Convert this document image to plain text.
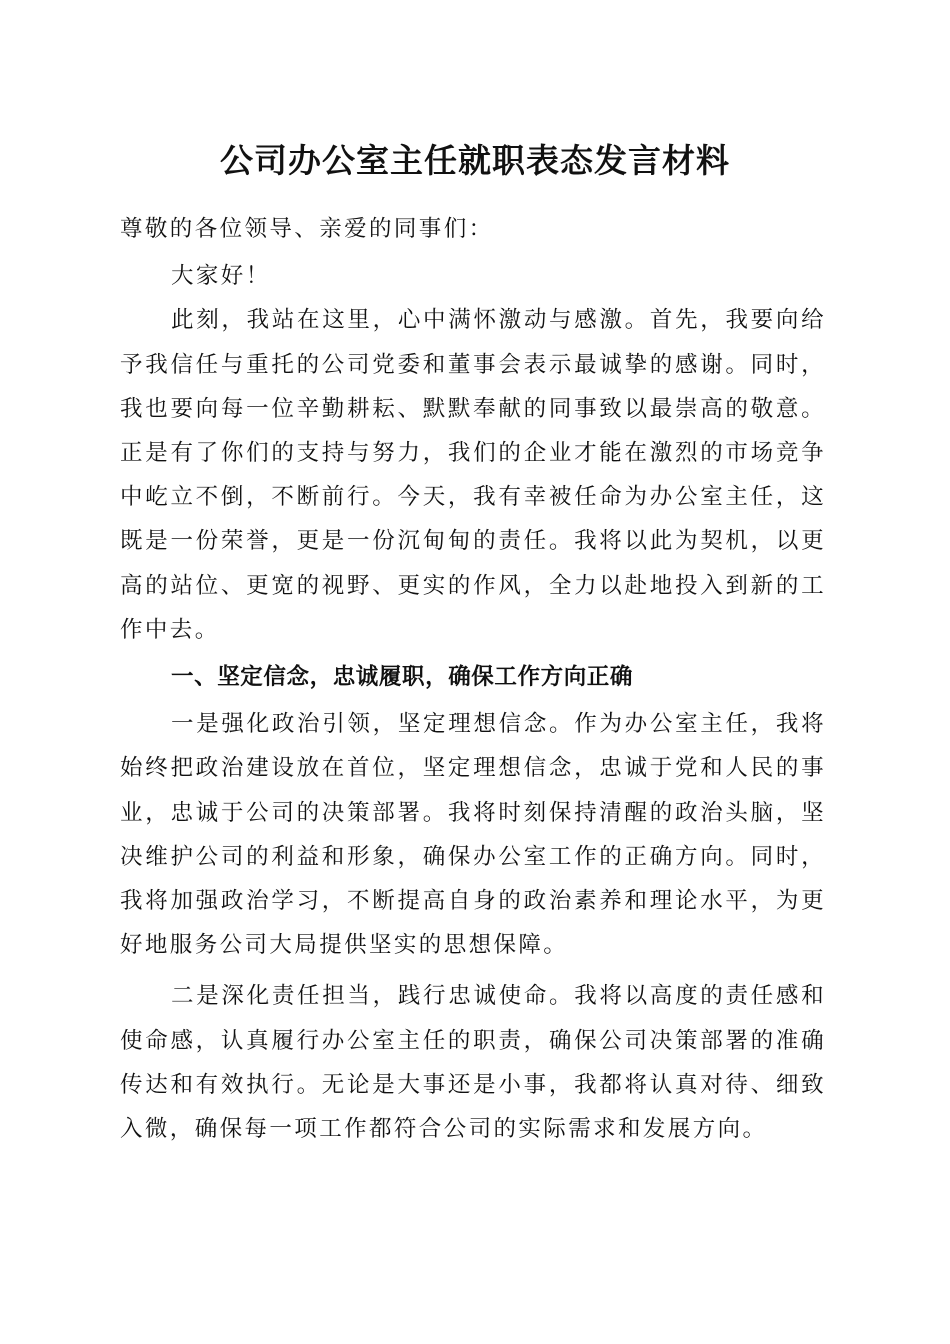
公司办公室主任就职表态发言材料

尊敬的各位领导、亲爱的同事们：

大家好！

此刻，我站在这里，心中满怀激动与感激。首先，我要向给予我信任与重托的公司党委和董事会表示最诚挚的感谢。同时，我也要向每一位辛勤耕耘、默默奉献的同事致以最崇高的敬意。正是有了你们的支持与努力，我们的企业才能在激烈的市场竞争中屹立不倒，不断前行。今天，我有幸被任命为办公室主任，这既是一份荣誉，更是一份沉甸甸的责任。我将以此为契机，以更高的站位、更宽的视野、更实的作风，全力以赴地投入到新的工作中去。

一、坚定信念，忠诚履职，确保工作方向正确

一是强化政治引领，坚定理想信念。作为办公室主任，我将始终把政治建设放在首位，坚定理想信念，忠诚于党和人民的事业，忠诚于公司的决策部署。我将时刻保持清醒的政治头脑，坚决维护公司的利益和形象，确保办公室工作的正确方向。同时，我将加强政治学习，不断提高自身的政治素养和理论水平，为更好地服务公司大局提供坚实的思想保障。

二是深化责任担当，践行忠诚使命。我将以高度的责任感和使命感，认真履行办公室主任的职责，确保公司决策部署的准确传达和有效执行。无论是大事还是小事，我都将认真对待、细致入微，确保每一项工作都符合公司的实际需求和发展方向。
